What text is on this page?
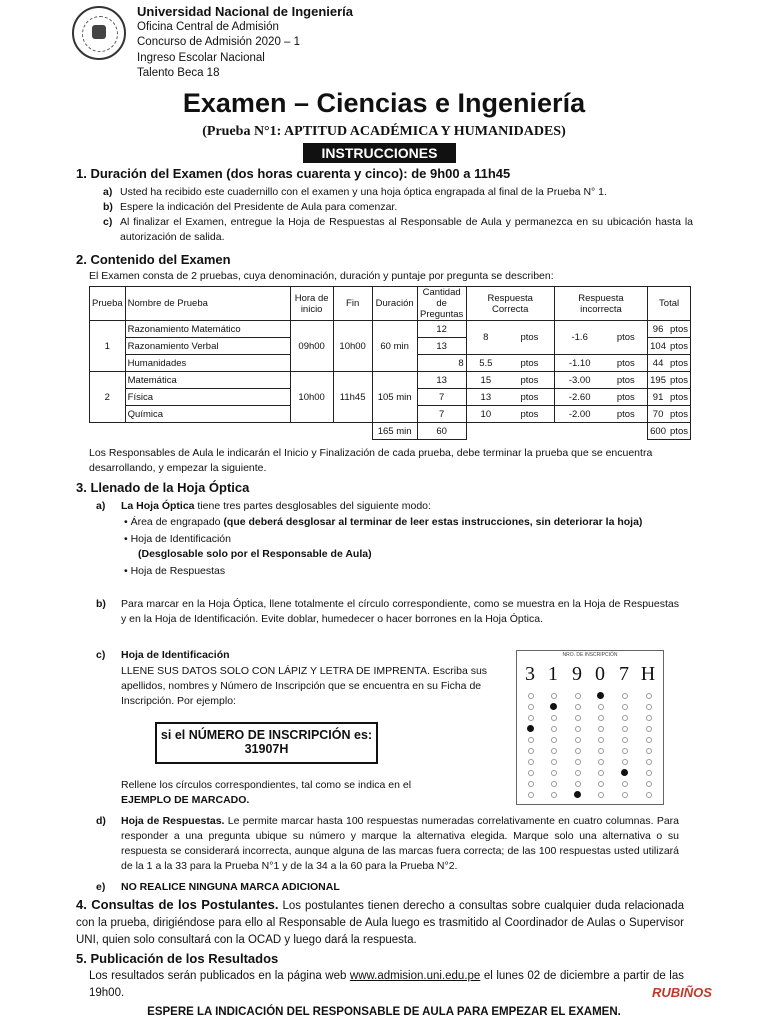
Universidad Nacional de Ingeniería
Oficina Central de Admisión
Concurso de Admisión 2020 – 1
Ingreso Escolar Nacional
Talento Beca 18
Examen – Ciencias e Ingeniería
(Prueba N°1: APTITUD ACADÉMICA Y HUMANIDADES)
INSTRUCCIONES
1. Duración del Examen (dos horas cuarenta y cinco): de 9h00 a 11h45
a) Usted ha recibido este cuadernillo con el examen y una hoja óptica engrapada al final de la Prueba N° 1.
b) Espere la indicación del Presidente de Aula para comenzar.
c) Al finalizar el Examen, entregue la Hoja de Respuestas al Responsable de Aula y permanezca en su ubicación hasta la autorización de salida.
2. Contenido del Examen
El Examen consta de 2 pruebas, cuya denominación, duración y puntaje por pregunta se describen:
Prueba	Nombre de Prueba	Hora de inicio	Fin	Duración	Cantidad de Preguntas	Respuesta Correcta		Respuesta incorrecta		Total	
1	Razonamiento Matemático	09h00	10h00	60 min	12	8	ptos	-1.6	ptos	96	ptos
	Razonamiento Verbal				13					104	ptos
	Humanidades				8	5.5	ptos	-1.10	ptos	44	ptos
2	Matemática	10h00	11h45	105 min	13	15	ptos	-3.00	ptos	195	ptos
	Física				7	13	ptos	-2.60	ptos	91	ptos
	Química				7	10	ptos	-2.00	ptos	70	ptos
				165 min	60					600	ptos
Los Responsables de Aula le indicarán el Inicio y Finalización de cada prueba, debe terminar la prueba que se encuentra desarrollando, y empezar la siguiente.
3. Llenado de la Hoja Óptica
a) La Hoja Óptica tiene tres partes desglosables del siguiente modo:
• Área de engrapado (que deberá desglosar al terminar de leer estas instrucciones, sin deteriorar la hoja)
• Hoja de Identificación
(Desglosable solo por el Responsable de Aula)
• Hoja de Respuestas
b)	Para marcar en la Hoja Óptica, llene totalmente el círculo correspondiente, como se muestra en la Hoja de Respuestas y en la Hoja de Identificación. Evite doblar, humedecer o hacer borrones en la Hoja Óptica.
c) Hoja de Identificación
LLENE SUS DATOS SOLO CON LÁPIZ Y LETRA DE IMPRENTA. Escriba sus apellidos, nombres y Número de Inscripción que se encuentra en su Ficha de Inscripción. Por ejemplo:
si el NÚMERO DE INSCRIPCIÓN es:
31907H
Rellene los círculos correspondientes, tal como se indica en el
EJEMPLO DE MARCADO.
NRO. DE INSCRIPCIÓN
3 1 9 0 7 H
d)	Hoja de Respuestas. Le permite marcar hasta 100 respuestas numeradas correlativamente en cuatro columnas. Para responder a una pregunta ubique su número y marque la alternativa elegida. Marque solo una alternativa o su respuesta se considerará incorrecta, aunque alguna de las marcas fuera correcta; de las 100 respuestas usted utilizará de la 1 a la 33 para la Prueba N°1 y de la 34 a la 60 para la Prueba N°2.
e) NO REALICE NINGUNA MARCA ADICIONAL
4. Consultas de los Postulantes. Los postulantes tienen derecho a consultas sobre cualquier duda relacionada con la prueba, dirigiéndose para ello al Responsable de Aula luego es trasmitido al Coordinador de Aulas o Supervisor UNI, quien solo consultará con la OCAD y luego dará la respuesta.
5. Publicación de los Resultados
Los resultados serán publicados en la página web www.admision.uni.edu.pe el lunes 02 de diciembre a partir de las 19h00.	RUBIÑOS
ESPERE LA INDICACIÓN DEL RESPONSABLE DE AULA PARA EMPEZAR EL EXAMEN.
